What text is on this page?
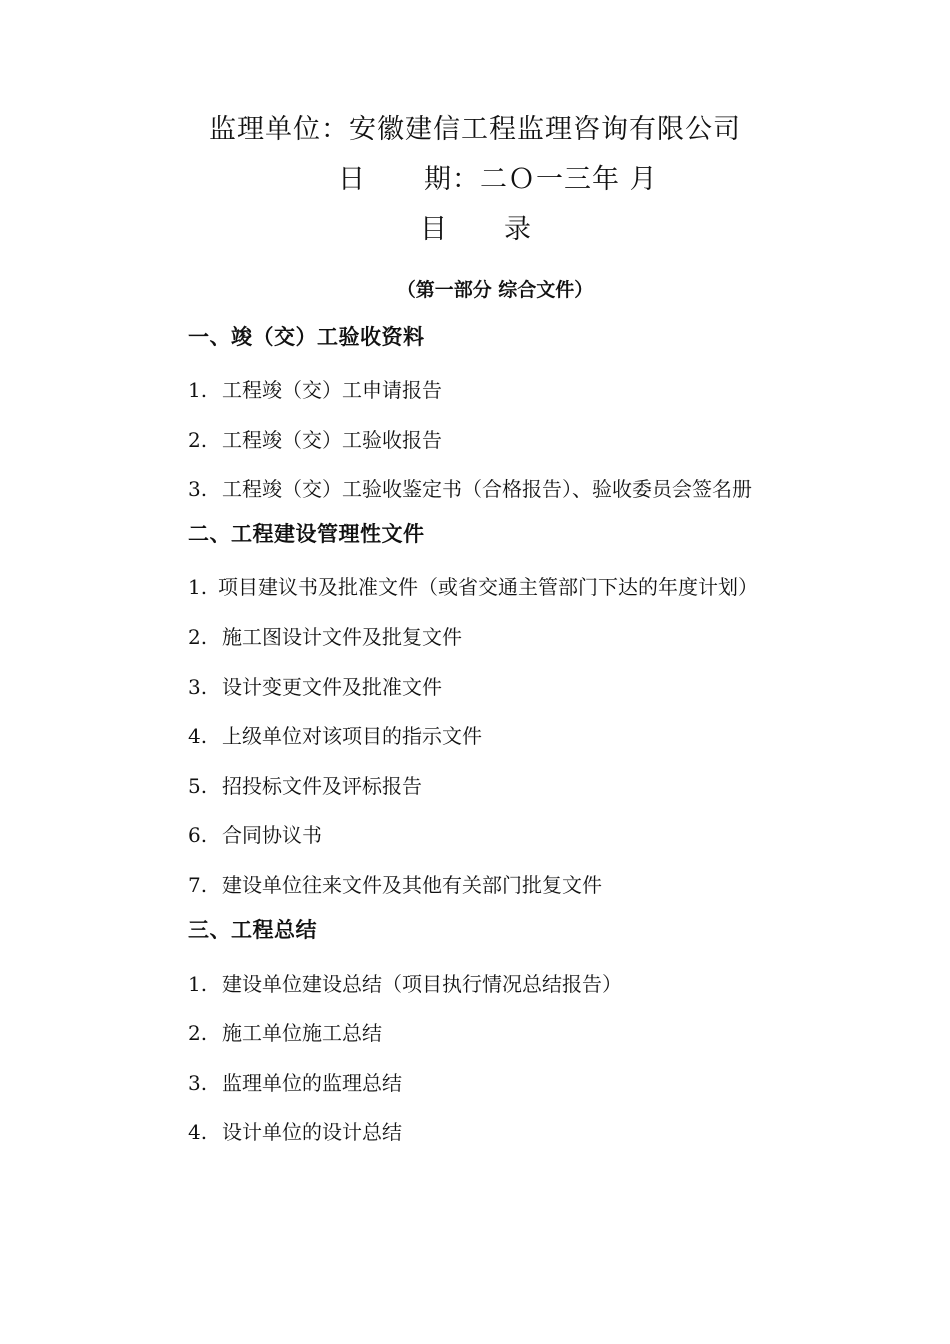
监理单位：安徽建信工程监理咨询有限公司
日 期：二Ｏ一三年 月
目 录
（第一部分 综合文件）
一、竣（交）工验收资料
1. 工程竣（交）工申请报告
2. 工程竣（交）工验收报告
3. 工程竣（交）工验收鉴定书（合格报告）、验收委员会签名册
二、工程建设管理性文件
1. 项目建议书及批准文件（或省交通主管部门下达的年度计划）
2. 施工图设计文件及批复文件
3. 设计变更文件及批准文件
4. 上级单位对该项目的指示文件
5. 招投标文件及评标报告
6. 合同协议书
7. 建设单位往来文件及其他有关部门批复文件
三、工程总结
1. 建设单位建设总结（项目执行情况总结报告）
2. 施工单位施工总结
3. 监理单位的监理总结
4. 设计单位的设计总结
